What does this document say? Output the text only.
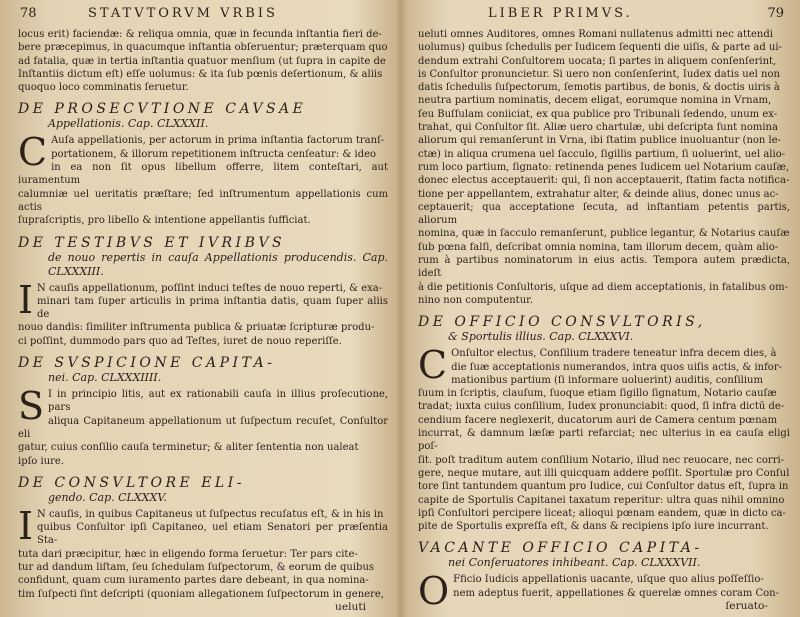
78	STATVTORVM VRBIS

locus erit) faciendæ: & reliqua omnia, quæ in fecunda inſtantia fieri de-

bere præcepimus, in quacumque inſtantia obſeruentur; præterquam quo

ad fatalia, quæ in tertia inſtantia quatuor menſium (ut ſupra in capite de

Inſtantiis dictum eſt) eſſe uolumus: & ita ſub pœnis deſertionum, & aliis

quoquo loco comminatis ſeruetur.

DE PROSECVTIONE CAVSAE
Appellationis. Cap. CLXXXII.
C Auſa appellationis, per actorum in prima inſtantia factorum tranſ-

portationem, & illorum repetitionem inſtructa cenſeatur: & ideo

in ea non ſit opus libellum offerre, litem conteſtari, aut iuramentum

calumniæ uel ueritatis præſtare; ſed inſtrumentum appellationis cum actis

ſupraſcriptis, pro libello & intentione appellantis ſufficiat.

DE TESTIBVS ET IVRIBVS
de nouo repertis in cauſa Appellationis producendis. Cap. CLXXXIII.
I N cauſis appellationum, poſſint induci teſtes de nouo reperti, & exa-

minari tam ſuper articulis in prima inſtantia datis, quam ſuper aliis de

nouo dandis: ſimiliter inſtrumenta publica & priuatæ ſcripturæ produ-

ci poſſint, dummodo pars quo ad Teſtes, iuret de nouo reperiſſe.

DE SVSPICIONE CAPITA-
nei. Cap. CLXXXIIII.
S I in principio litis, aut ex rationabili cauſa in illius proſecutione, pars

aliqua Capitaneum appellationum ut ſuſpectum recuſet, Conſultor eli

gatur, cuius conſilio cauſa terminetur; & aliter ſententia non ualeat

ipſo iure.

DE CONSVLTORE ELI-
gendo. Cap. CLXXXV.
I N cauſis, in quibus Capitaneus ut ſuſpectus recuſatus eſt, & in his in

quibus Conſultor ipſi Capitaneo, uel etiam Senatori per præſentia Sta-

tuta dari præcipitur, hæc in eligendo forma ſeruetur: Ter pars cite-

tur ad dandum liſtam, ſeu ſchedulam ſuſpectorum, & eorum de quibus

confidunt, quam cum iuramento partes dare debeant, in qua nomina-

tim ſuſpecti ſint deſcripti (quoniam allegationem ſuſpectorum in genere,

ueluti
LIBER PRIMVS.	79

ueluti omnes Auditores, omnes Romani nullatenus admitti nec attendi

uolumus) quibus ſchedulis per Iudicem ſequenti die uiſis, & parte ad ui-

dendum extrahi Conſultorem uocata; ſi partes in aliquem conſenſerint,

is Conſultor pronuncietur. Si uero non conſenſerint, Iudex datis uel non

datis ſchedulis ſuſpectorum, ſemotis partibus, de bonis, & doctis uiris à

neutra partium nominatis, decem eligat, eorumque nomina in Vrnam,

ſeu Buſſulam coniiciat, ex qua publice pro Tribunali ſedendo, unum ex-

trahat, qui Conſultor ſit. Aliæ uero chartulæ, ubi deſcripta ſunt nomina

aliorum qui remanſerunt in Vrna, ibi ſtatim publice inuoluantur (non le-

ctæ) in aliqua crumena uel ſacculo, ſigillis partium, ſi uoluerint, uel alio-

rum loco partium, ſignato: retinenda penes Iudicem uel Notarium cauſæ,

donec electus acceptauerit: qui, ſi non acceptauerit, ſtatim facta notifica-

tione per appellantem, extrahatur alter, & deinde alius, donec unus ac-

ceptauerit; qua acceptatione ſecuta, ad inſtantiam petentis partis, aliorum

nomina, quæ in ſacculo remanſerunt, publice legantur, & Notarius cauſæ

ſub pœna falſi, deſcribat omnia nomina, tam illorum decem, quàm alio-

rum à partibus nominatorum in eius actis. Tempora autem prædicta, ideſt

à die petitionis Conſultoris, uſque ad diem acceptationis, in fatalibus om-

nino non computentur.

DE OFFICIO CONSVLTORIS,
& Sportulis illius. Cap. CLXXXVI.
C Onſultor electus, Conſilium tradere teneatur infra decem dies, à

die ſuæ acceptationis numerandos, intra quos uiſis actis, & infor-

mationibus partium (ſi informare uoluerint) auditis, conſilium

ſuum in ſcriptis, clauſum, ſuoque etiam ſigillo ſignatum, Notario cauſæ

tradat; iuxta cuius conſilium, Iudex pronunciabit: quod, ſi infra dictū de-

cendium facere neglexerit, ducatorum auri de Camera centum pœnam

incurrat, & damnum læſæ parti refarciat; nec ulterius in ea cauſa eligi poſ-

ſit. poſt traditum autem conſilium Notario, illud nec reuocare, nec corri-

gere, neque mutare, aut illi quicquam addere poſſit. Sportulæ pro Conſul

tore ſint tantundem quantum pro Iudice, cui Conſultor datus eſt, ſupra in

capite de Sportulis Capitanei taxatum reperitur: ultra quas nihil omnino

ipſi Conſultori percipere liceat; alioqui pœnam eandem, quæ in dicto ca-

pite de Sportulis expreſſa eſt, & dans & recipiens ipſo iure incurrant.

VACANTE OFFICIO CAPITA-
nei Conſeruatores inhibeant. Cap. CLXXXVII.
O Fficio Iudicis appellationis uacante, uſque quo alius poſſeſſio-

nem adeptus fuerit, appellationes & querelæ omnes coram Con-

ſeruato-
